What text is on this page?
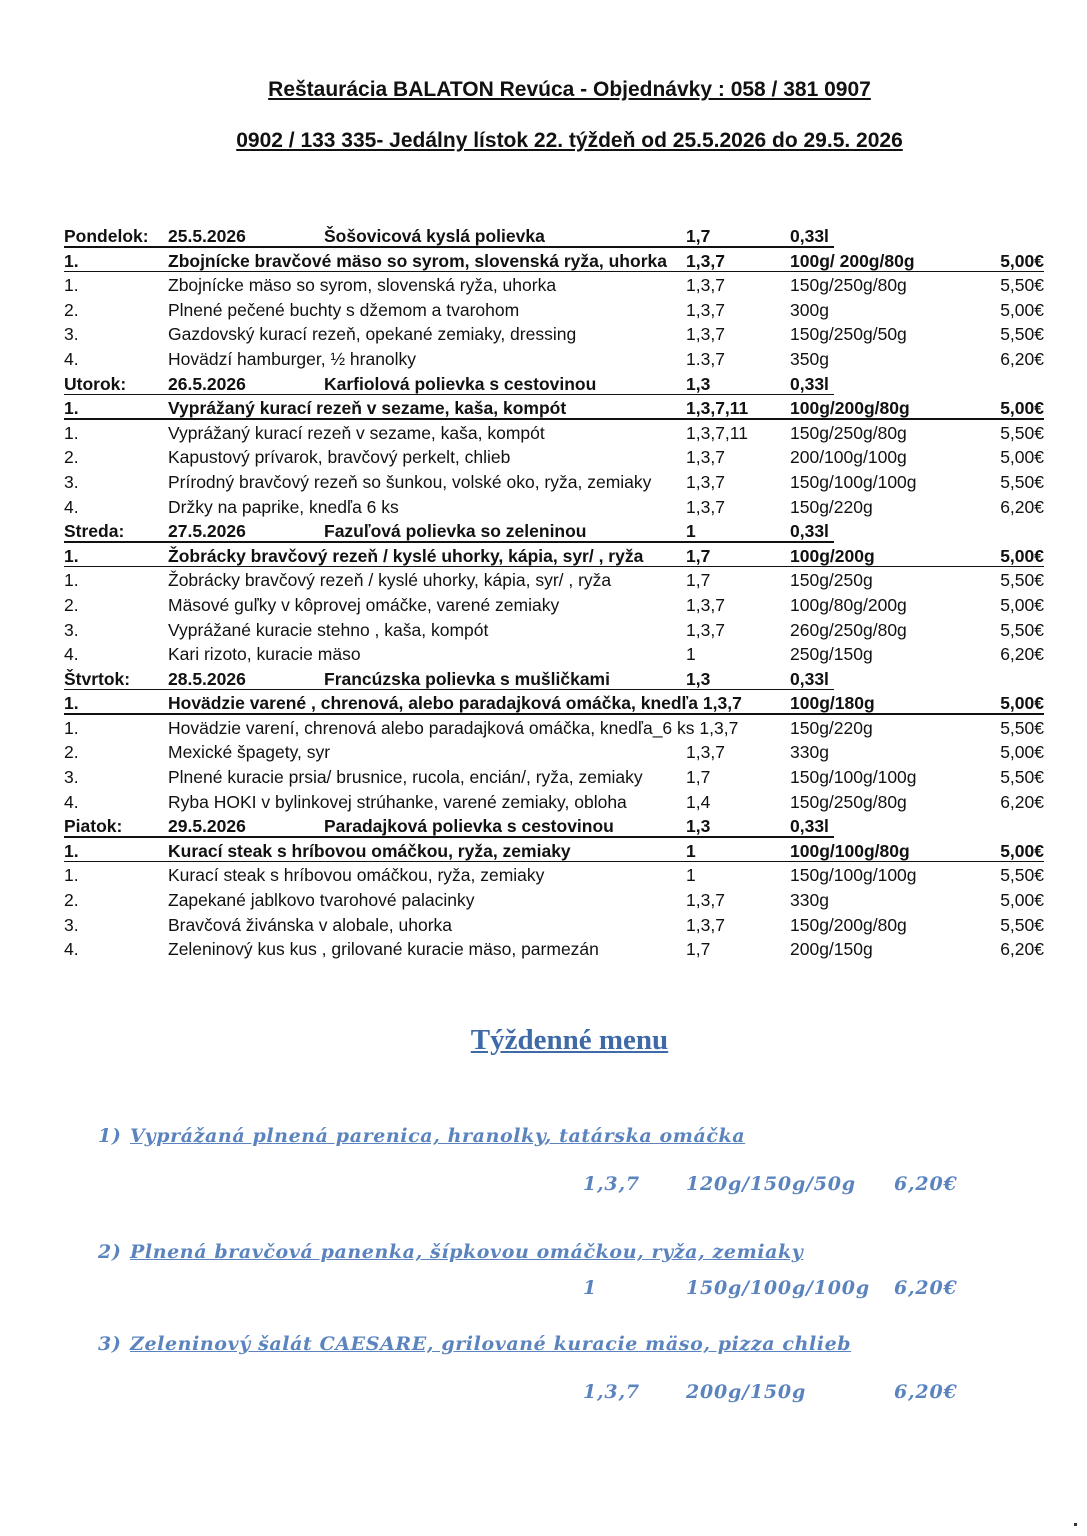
Reštaurácia BALATON Revúca - Objednávky : 058 / 381 0907
0902 / 133 335- Jedálny lístok 22. týždeň od 25.5.2026 do 29.5. 2026
Pondelok: 25.5.2026	Šošovicová kyslá polievka	1,7	0,33l
1.	Zbojnícke bravčové mäso so syrom, slovenská ryža, uhorka 1,3,7	100g/ 200g/80g	5,00€
1.	Zbojnícke mäso so syrom, slovenská ryža, uhorka	1,3,7	150g/250g/80g	5,50€
2.	Plnené pečené buchty s džemom a tvarohom	1,3,7	300g	5,00€
3.	Gazdovský kurací rezeň, opekané zemiaky, dressing	1,3,7	150g/250g/50g	5,50€
4.	Hovädzí hamburger, ½ hranolky	1.3,7	350g	6,20€
Utorok: 26.5.2026	Karfiolová polievka s cestovinou	1,3	0,33l
1.	Vyprážaný kurací rezeň v sezame, kaša, kompót	1,3,7,11 100g/200g/80g	5,00€
1.	Vyprážaný kurací rezeň v sezame, kaša, kompót	1,3,7,11 150g/250g/80g	5,50€
2.	Kapustový prívarok, bravčový perkelt, chlieb	1,3,7	200/100g/100g	5,00€
3.	Prírodný bravčový rezeň so šunkou, volské oko, ryža, zemiaky 1,3,7	150g/100g/100g	5,50€
4.	Držky na paprike, knedľa 6 ks	1,3,7	150g/220g	6,20€
Streda: 27.5.2026	Fazuľová polievka so zeleninou	1	0,33l
1.	Žobrácky bravčový rezeň / kyslé uhorky, kápia, syr/ , ryža 1,7	100g/200g	5,00€
1.	Žobrácky bravčový rezeň / kyslé uhorky, kápia, syr/ , ryža	1,7	150g/250g	5,50€
2.	Mäsové guľky v kôprovej omáčke, varené zemiaky	1,3,7	100g/80g/200g	5,00€
3.	Vyprážané kuracie stehno , kaša, kompót	1,3,7	260g/250g/80g	5,50€
4.	Kari rizoto, kuracie mäso	1	250g/150g	6,20€
Štvrtok: 28.5.2026	Francúzska polievka s mušličkami	1,3	0,33l
1.	Hovädzie varené , chrenová, alebo paradajková omáčka, knedľa 1,3,7	100g/180g	5,00€
1.	Hovädzie varení, chrenová alebo paradajková omáčka, knedľa_6 ks 1,3,7	150g/220g	5,50€
2.	Mexické špagety, syr	1,3,7	330g	5,00€
3.	Plnené kuracie prsia/ brusnice, rucola, encián/, ryža, zemiaky 1,7	150g/100g/100g	5,50€
4.	Ryba HOKI v bylinkovej strúhanke, varené zemiaky, obloha	1,4	150g/250g/80g	6,20€
Piatok:	29.5.2026	Paradajková polievka s cestovinou	1,3	0,33l
1.	Kurací steak s hríbovou omáčkou, ryža, zemiaky	1	100g/100g/80g	5,00€
1.	Kurací steak s hríbovou omáčkou, ryža, zemiaky	1	150g/100g/100g	5,50€
2.	Zapekané jablkovo tvarohové palacinky	1,3,7	330g	5,00€
3.	Bravčová živánska v alobale, uhorka	1,3,7	150g/200g/80g	5,50€
4.	Zeleninový kus kus , grilované kuracie mäso, parmezán	1,7	200g/150g	6,20€
Týždenné menu
1) Vyprážaná plnená parenica, hranolky, tatárska omáčka
1,3,7 120g/150g/50g 6,20€
2) Plnená bravčová panenka, šípkovou omáčkou, ryža, zemiaky
1	150g/100g/100g 6,20€
3) Zeleninový šalát CAESARE, grilované kuracie mäso, pizza chlieb
1,3,7 200g/150g	6,20€
